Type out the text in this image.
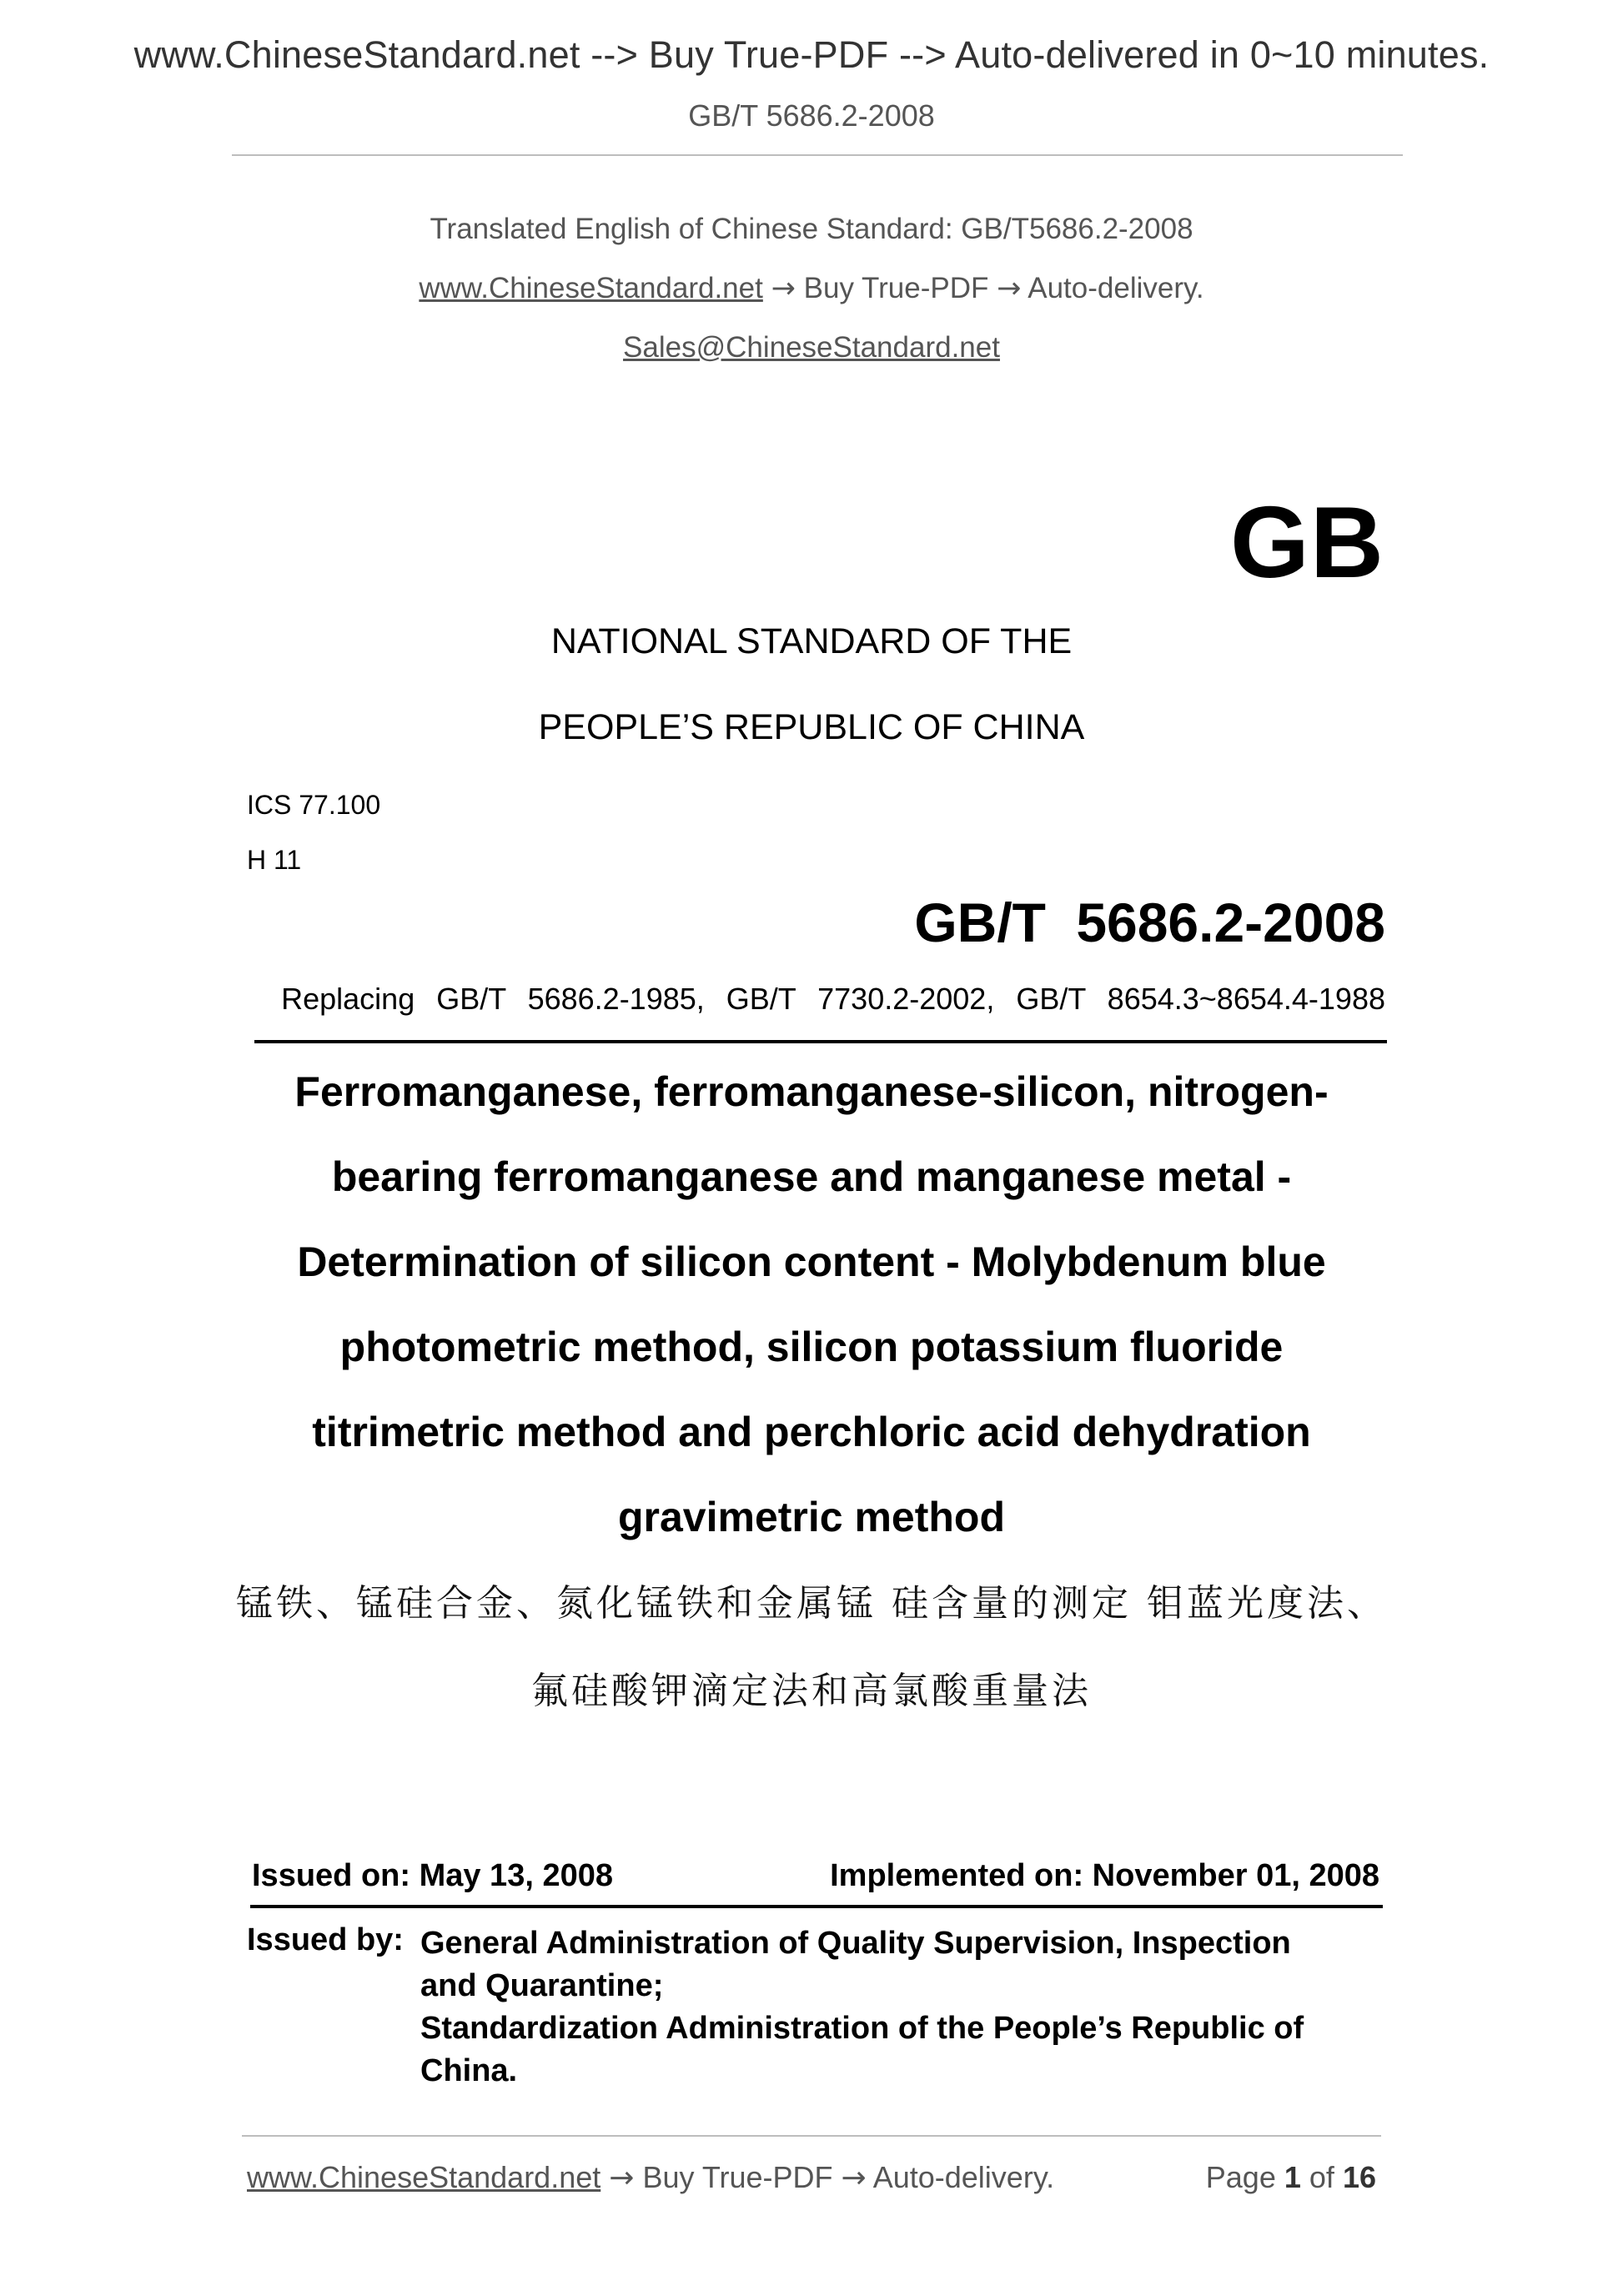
www.ChineseStandard.net --> Buy True-PDF --> Auto-delivered in 0~10 minutes.
GB/T 5686.2-2008
Translated English of Chinese Standard: GB/T5686.2-2008
www.ChineseStandard.net → Buy True-PDF → Auto-delivery.
Sales@ChineseStandard.net
GB
NATIONAL STANDARD OF THE
PEOPLE’S REPUBLIC OF CHINA
ICS 77.100
H 11
GB/T 5686.2-2008
Replacing GB/T 5686.2-1985, GB/T 7730.2-2002, GB/T 8654.3~8654.4-1988
Ferromanganese, ferromanganese-silicon, nitrogen-
bearing ferromanganese and manganese metal -
Determination of silicon content - Molybdenum blue
photometric method, silicon potassium fluoride
titrimetric method and perchloric acid dehydration
gravimetric method
锰铁、锰硅合金、氮化锰铁和金属锰 硅含量的测定 钼蓝光度法、
氟硅酸钾滴定法和高氯酸重量法
Issued on: May 13, 2008	Implemented on: November 01, 2008
Issued by: General Administration of Quality Supervision, Inspection
and Quarantine;
Standardization Administration of the People’s Republic of
China.
www.ChineseStandard.net → Buy True-PDF → Auto-delivery.	Page 1 of 16
